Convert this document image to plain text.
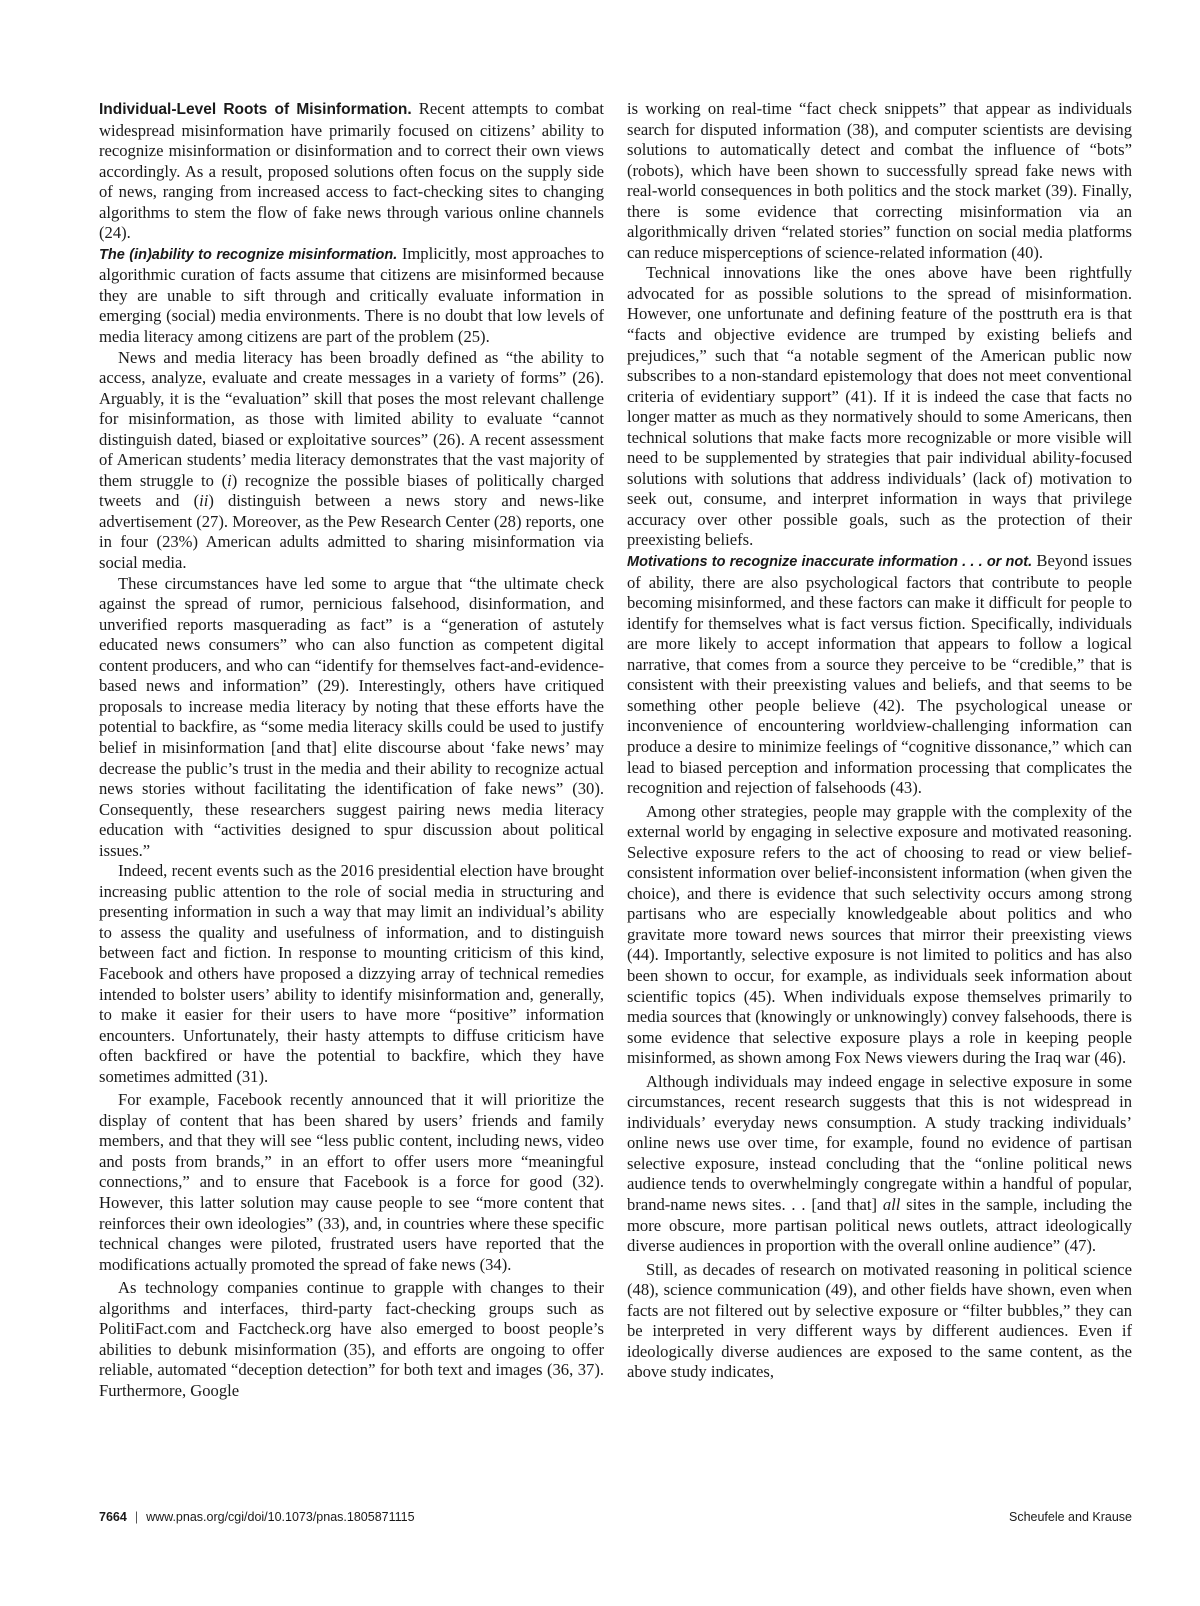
Individual-Level Roots of Misinformation. Recent attempts to combat widespread misinformation have primarily focused on citizens’ ability to recognize misinformation or disinformation and to correct their own views accordingly. As a result, proposed solutions often focus on the supply side of news, ranging from increased access to fact-checking sites to changing algorithms to stem the flow of fake news through various online channels (24).

The (in)ability to recognize misinformation. Implicitly, most approaches to algorithmic curation of facts assume that citizens are misinformed because they are unable to sift through and critically evaluate information in emerging (social) media environments. There is no doubt that low levels of media literacy among citizens are part of the problem (25).

News and media literacy has been broadly defined as “the ability to access, analyze, evaluate and create messages in a variety of forms” (26). Arguably, it is the “evaluation” skill that poses the most relevant challenge for misinformation, as those with limited ability to evaluate “cannot distinguish dated, biased or exploitative sources” (26). A recent assessment of American students’ media literacy demonstrates that the vast majority of them struggle to (i) recognize the possible biases of politically charged tweets and (ii) distinguish between a news story and news-like advertisement (27). Moreover, as the Pew Research Center (28) reports, one in four (23%) American adults admitted to sharing misinformation via social media.

These circumstances have led some to argue that “the ultimate check against the spread of rumor, pernicious falsehood, disinformation, and unverified reports masquerading as fact” is a “generation of astutely educated news consumers” who can also function as competent digital content producers, and who can “identify for themselves fact-and-evidence-based news and information” (29). Interestingly, others have critiqued proposals to increase media literacy by noting that these efforts have the potential to backfire, as “some media literacy skills could be used to justify belief in misinformation [and that] elite discourse about ‘fake news’ may decrease the public’s trust in the media and their ability to recognize actual news stories without facilitating the identification of fake news” (30). Consequently, these researchers suggest pairing news media literacy education with “activities designed to spur discussion about political issues.”

Indeed, recent events such as the 2016 presidential election have brought increasing public attention to the role of social media in structuring and presenting information in such a way that may limit an individual’s ability to assess the quality and usefulness of information, and to distinguish between fact and fiction. In response to mounting criticism of this kind, Facebook and others have proposed a dizzying array of technical remedies intended to bolster users’ ability to identify misinformation and, generally, to make it easier for their users to have more “positive” information encounters. Unfortunately, their hasty attempts to diffuse criticism have often backfired or have the potential to backfire, which they have sometimes admitted (31).

For example, Facebook recently announced that it will prioritize the display of content that has been shared by users’ friends and family members, and that they will see “less public content, including news, video and posts from brands,” in an effort to offer users more “meaningful connections,” and to ensure that Facebook is a force for good (32). However, this latter solution may cause people to see “more content that reinforces their own ideologies” (33), and, in countries where these specific technical changes were piloted, frustrated users have reported that the modifications actually promoted the spread of fake news (34).

As technology companies continue to grapple with changes to their algorithms and interfaces, third-party fact-checking groups such as PolitiFact.com and Factcheck.org have also emerged to boost people’s abilities to debunk misinformation (35), and efforts are ongoing to offer reliable, automated “deception detection” for both text and images (36, 37). Furthermore, Google

is working on real-time “fact check snippets” that appear as individuals search for disputed information (38), and computer scientists are devising solutions to automatically detect and combat the influence of “bots” (robots), which have been shown to successfully spread fake news with real-world consequences in both politics and the stock market (39). Finally, there is some evidence that correcting misinformation via an algorithmically driven “related stories” function on social media platforms can reduce misperceptions of science-related information (40).

Technical innovations like the ones above have been rightfully advocated for as possible solutions to the spread of misinformation. However, one unfortunate and defining feature of the posttruth era is that “facts and objective evidence are trumped by existing beliefs and prejudices,” such that “a notable segment of the American public now subscribes to a non-standard epistemology that does not meet conventional criteria of evidentiary support” (41). If it is indeed the case that facts no longer matter as much as they normatively should to some Americans, then technical solutions that make facts more recognizable or more visible will need to be supplemented by strategies that pair individual ability-focused solutions with solutions that address individuals’ (lack of) motivation to seek out, consume, and interpret information in ways that privilege accuracy over other possible goals, such as the protection of their preexisting beliefs.

Motivations to recognize inaccurate information . . . or not. Beyond issues of ability, there are also psychological factors that contribute to people becoming misinformed, and these factors can make it difficult for people to identify for themselves what is fact versus fiction. Specifically, individuals are more likely to accept information that appears to follow a logical narrative, that comes from a source they perceive to be “credible,” that is consistent with their preexisting values and beliefs, and that seems to be something other people believe (42). The psychological unease or inconvenience of encountering worldview-challenging information can produce a desire to minimize feelings of “cognitive dissonance,” which can lead to biased perception and information processing that complicates the recognition and rejection of falsehoods (43).

Among other strategies, people may grapple with the complexity of the external world by engaging in selective exposure and motivated reasoning. Selective exposure refers to the act of choosing to read or view belief-consistent information over belief-inconsistent information (when given the choice), and there is evidence that such selectivity occurs among strong partisans who are especially knowledgeable about politics and who gravitate more toward news sources that mirror their preexisting views (44). Importantly, selective exposure is not limited to politics and has also been shown to occur, for example, as individuals seek information about scientific topics (45). When individuals expose themselves primarily to media sources that (knowingly or unknowingly) convey falsehoods, there is some evidence that selective exposure plays a role in keeping people misinformed, as shown among Fox News viewers during the Iraq war (46).

Although individuals may indeed engage in selective exposure in some circumstances, recent research suggests that this is not widespread in individuals’ everyday news consumption. A study tracking individuals’ online news use over time, for example, found no evidence of partisan selective exposure, instead concluding that the “online political news audience tends to overwhelmingly congregate within a handful of popular, brand-name news sites. . . [and that] all sites in the sample, including the more obscure, more partisan political news outlets, attract ideologically diverse audiences in proportion with the overall online audience” (47).

Still, as decades of research on motivated reasoning in political science (48), science communication (49), and other fields have shown, even when facts are not filtered out by selective exposure or “filter bubbles,” they can be interpreted in very different ways by different audiences. Even if ideologically diverse audiences are exposed to the same content, as the above study indicates,

7664 | www.pnas.org/cgi/doi/10.1073/pnas.1805871115	Scheufele and Krause
